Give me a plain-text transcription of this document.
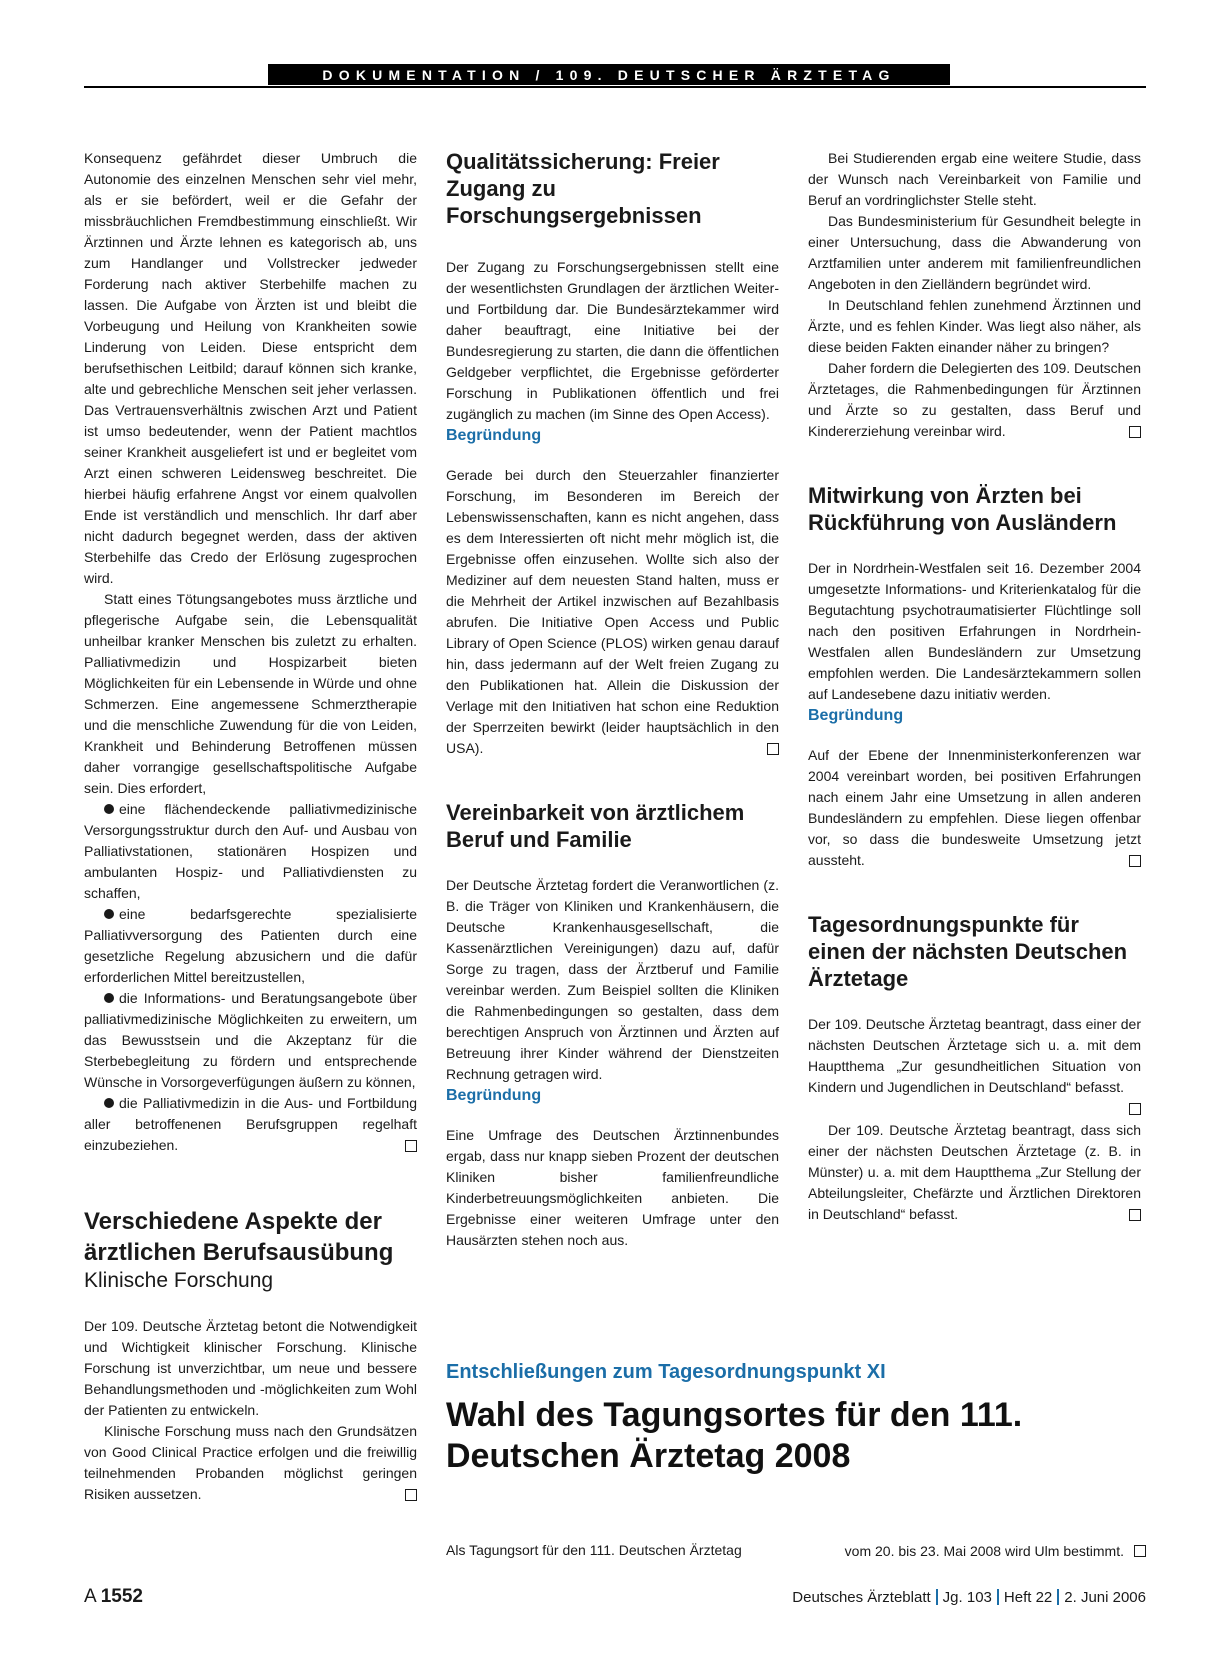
DOKUMENTATION / 109. DEUTSCHER ÄRZTETAG

Konsequenz gefährdet dieser Umbruch die Autonomie des einzelnen Menschen sehr viel mehr, als er sie befördert, weil er die Gefahr der missbräuchlichen Fremdbestimmung einschließt. Wir Ärztinnen und Ärzte lehnen es kategorisch ab, uns zum Handlanger und Vollstrecker jedweder Forderung nach aktiver Sterbehilfe machen zu lassen. Die Aufgabe von Ärzten ist und bleibt die Vorbeugung und Heilung von Krankheiten sowie Linderung von Leiden. Diese entspricht dem berufsethischen Leitbild; darauf können sich kranke, alte und gebrechliche Menschen seit jeher verlassen. Das Vertrauensverhältnis zwischen Arzt und Patient ist umso bedeutender, wenn der Patient machtlos seiner Krankheit ausgeliefert ist und er begleitet vom Arzt einen schweren Leidensweg beschreitet. Die hierbei häufig erfahrene Angst vor einem qualvollen Ende ist verständlich und menschlich. Ihr darf aber nicht dadurch begegnet werden, dass der aktiven Sterbehilfe das Credo der Erlösung zugesprochen wird.

Statt eines Tötungsangebotes muss ärztliche und pflegerische Aufgabe sein, die Lebensqualität unheilbar kranker Menschen bis zuletzt zu erhalten. Palliativmedizin und Hospizarbeit bieten Möglichkeiten für ein Lebensende in Würde und ohne Schmerzen. Eine angemessene Schmerztherapie und die menschliche Zuwendung für die von Leiden, Krankheit und Behinderung Betroffenen müssen daher vorrangige gesellschaftspolitische Aufgabe sein. Dies erfordert,

eine flächendeckende palliativmedizinische Versorgungsstruktur durch den Auf- und Ausbau von Palliativstationen, stationären Hospizen und ambulanten Hospiz- und Palliativdiensten zu schaffen,

eine bedarfsgerechte spezialisierte Palliativversorgung des Patienten durch eine gesetzliche Regelung abzusichern und die dafür erforderlichen Mittel bereitzustellen,

die Informations- und Beratungsangebote über palliativmedizinische Möglichkeiten zu erweitern, um das Bewusstsein und die Akzeptanz für die Sterbebegleitung zu fördern und entsprechende Wünsche in Vorsorgeverfügungen äußern zu können,

die Palliativmedizin in die Aus- und Fortbildung aller betroffenenen Berufsgruppen regelhaft einzubeziehen.

Verschiedene Aspekte der ärztlichen Berufsausübung
Klinische Forschung

Der 109. Deutsche Ärztetag betont die Notwendigkeit und Wichtigkeit klinischer Forschung. Klinische Forschung ist unverzichtbar, um neue und bessere Behandlungsmethoden und -möglichkeiten zum Wohl der Patienten zu entwickeln.

Klinische Forschung muss nach den Grundsätzen von Good Clinical Practice erfolgen und die freiwillig teilnehmenden Probanden möglichst geringen Risiken aussetzen.

Qualitätssicherung: Freier Zugang zu Forschungsergebnissen

Der Zugang zu Forschungsergebnissen stellt eine der wesentlichsten Grundlagen der ärztlichen Weiter- und Fortbildung dar. Die Bundesärztekammer wird daher beauftragt, eine Initiative bei der Bundesregierung zu starten, die dann die öffentlichen Geldgeber verpflichtet, die Ergebnisse geförderter Forschung in Publikationen öffentlich und frei zugänglich zu machen (im Sinne des Open Access).

Begründung

Gerade bei durch den Steuerzahler finanzierter Forschung, im Besonderen im Bereich der Lebenswissenschaften, kann es nicht angehen, dass es dem Interessierten oft nicht mehr möglich ist, die Ergebnisse offen einzusehen. Wollte sich also der Mediziner auf dem neuesten Stand halten, muss er die Mehrheit der Artikel inzwischen auf Bezahlbasis abrufen. Die Initiative Open Access und Public Library of Open Science (PLOS) wirken genau darauf hin, dass jedermann auf der Welt freien Zugang zu den Publikationen hat. Allein die Diskussion der Verlage mit den Initiativen hat schon eine Reduktion der Sperrzeiten bewirkt (leider hauptsächlich in den USA).

Vereinbarkeit von ärztlichem Beruf und Familie

Der Deutsche Ärztetag fordert die Veranwortlichen (z. B. die Träger von Kliniken und Krankenhäusern, die Deutsche Krankenhausgesellschaft, die Kassenärztlichen Vereinigungen) dazu auf, dafür Sorge zu tragen, dass der Ärztberuf und Familie vereinbar werden. Zum Beispiel sollten die Kliniken die Rahmenbedingungen so gestalten, dass dem berechtigen Anspruch von Ärztinnen und Ärzten auf Betreuung ihrer Kinder während der Dienstzeiten Rechnung getragen wird.

Begründung

Eine Umfrage des Deutschen Ärztinnenbundes ergab, dass nur knapp sieben Prozent der deutschen Kliniken bisher familienfreundliche Kinderbetreuungsmöglichkeiten anbieten. Die Ergebnisse einer weiteren Umfrage unter den Hausärzten stehen noch aus.

Bei Studierenden ergab eine weitere Studie, dass der Wunsch nach Vereinbarkeit von Familie und Beruf an vordringlichster Stelle steht.

Das Bundesministerium für Gesundheit belegte in einer Untersuchung, dass die Abwanderung von Arztfamilien unter anderem mit familienfreundlichen Angeboten in den Zielländern begründet wird.

In Deutschland fehlen zunehmend Ärztinnen und Ärzte, und es fehlen Kinder. Was liegt also näher, als diese beiden Fakten einander näher zu bringen?

Daher fordern die Delegierten des 109. Deutschen Ärztetages, die Rahmenbedingungen für Ärztinnen und Ärzte so zu gestalten, dass Beruf und Kindererziehung vereinbar wird.

Mitwirkung von Ärzten bei Rückführung von Ausländern

Der in Nordrhein-Westfalen seit 16. Dezember 2004 umgesetzte Informations- und Kriterienkatalog für die Begutachtung psychotraumatisierter Flüchtlinge soll nach den positiven Erfahrungen in Nordrhein-Westfalen allen Bundesländern zur Umsetzung empfohlen werden. Die Landesärztekammern sollen auf Landesebene dazu initiativ werden.

Begründung

Auf der Ebene der Innenministerkonferenzen war 2004 vereinbart worden, bei positiven Erfahrungen nach einem Jahr eine Umsetzung in allen anderen Bundesländern zu empfehlen. Diese liegen offenbar vor, so dass die bundesweite Umsetzung jetzt aussteht.

Tagesordnungspunkte für einen der nächsten Deutschen Ärztetage

Der 109. Deutsche Ärztetag beantragt, dass einer der nächsten Deutschen Ärztetage sich u. a. mit dem Hauptthema „Zur gesundheitlichen Situation von Kindern und Jugendlichen in Deutschland“ befasst.

Der 109. Deutsche Ärztetag beantragt, dass sich einer der nächsten Deutschen Ärztetage (z. B. in Münster) u. a. mit dem Hauptthema „Zur Stellung der Abteilungsleiter, Chefärzte und Ärztlichen Direktoren in Deutschland“ befasst.

Entschließungen zum Tagesordnungspunkt XI
Wahl des Tagungsortes für den 111. Deutschen Ärztetag 2008
Als Tagungsort für den 111. Deutschen Ärztetag	vom 20. bis 23. Mai 2008 wird Ulm bestimmt.
A 1552	Deutsches Ärzteblatt Jg. 103 Heft 22 2. Juni 2006
